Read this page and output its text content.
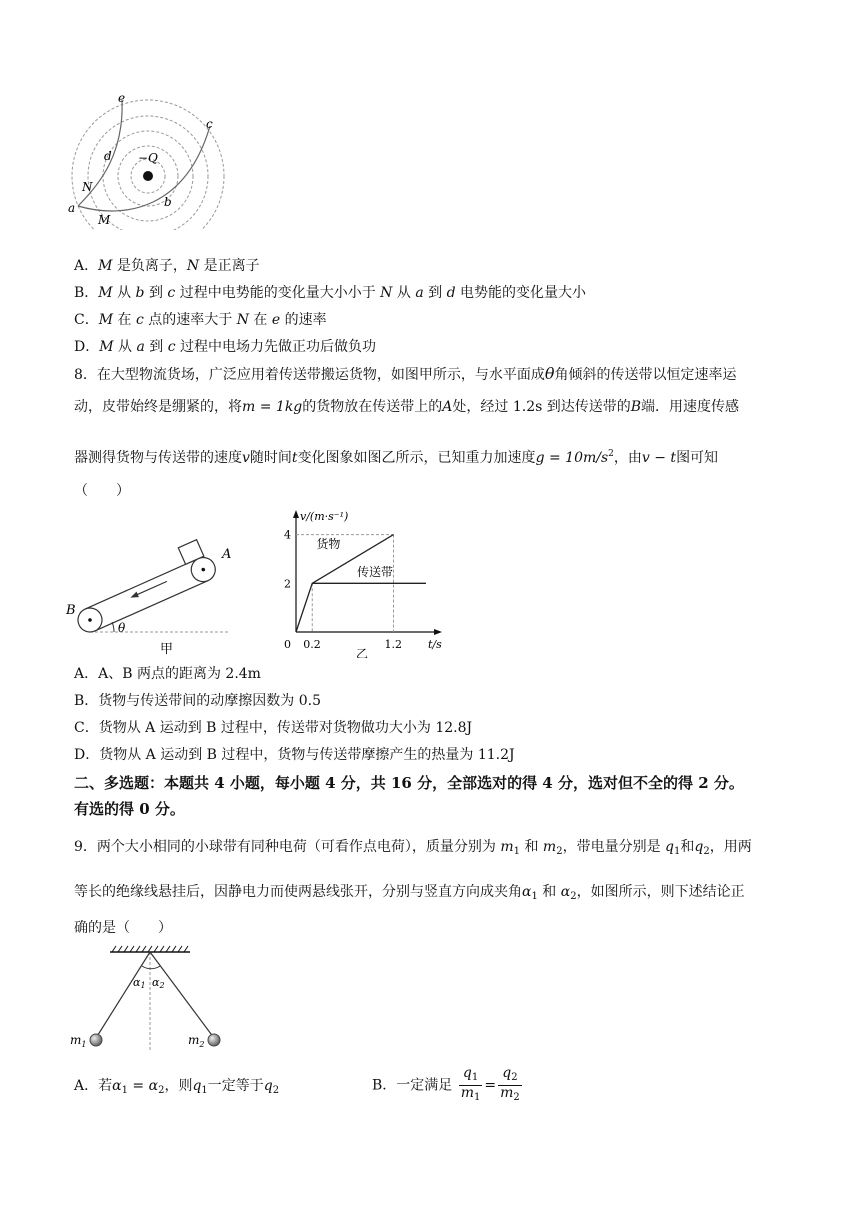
e
c
d −Q
N
a	b
M
A．M 是负离子，N 是正离子
B．M 从 b 到 c 过程中电势能的变化量大小小于 N 从 a 到 d 电势能的变化量大小
C．M 在 c 点的速率大于 N 在 e 的速率
D．M 从 a 到 c 过程中电场力先做正功后做负功
8．在大型物流货场，广泛应用着传送带搬运货物，如图甲所示，与水平面成θ角倾斜的传送带以恒定速率运
动，皮带始终是绷紧的，将m = 1kg的货物放在传送带上的A处，经过 1.2s 到达传送带的B端．用速度传感
器测得货物与传送带的速度v随时间t变化图象如图乙所示，已知重力加速度$g = 10m/s^2$，由v − t图可知
（　　）
θ
A
B
甲
货物
传送带
0 0.2	1.2
2
4
v/(m·s⁻¹)
t/s
乙
A．A、B 两点的距离为 2.4m
B．货物与传送带间的动摩擦因数为 0.5
C．货物从 A 运动到 B 过程中，传送带对货物做功大小为 12.8J
D．货物从 A 运动到 B 过程中，货物与传送带摩擦产生的热量为 11.2J
二、多选题：本题共 4 小题，每小题 4 分，共 16 分，全部选对的得 4 分，选对但不全的得 2 分。
有选的得 0 分。
9．两个大小相同的小球带有同种电荷（可看作点电荷），质量分别为 $m_1$ 和 $m_2$，带电量分别是 $q_1$和$q_2$，用两
等长的绝缘线悬挂后，因静电力而使两悬线张开，分别与竖直方向成夹角$\alpha_1$ 和 $\alpha_2$，如图所示，则下述结论正
确的是（　　）
α1 α2
$m_1$	$m_2$
A．若$\alpha_1 = \alpha_2$，则$q_1$一定等于$q_2$	B．一定满足 $\frac{q_1}{m_1} = \frac{q_2}{m_2}$
